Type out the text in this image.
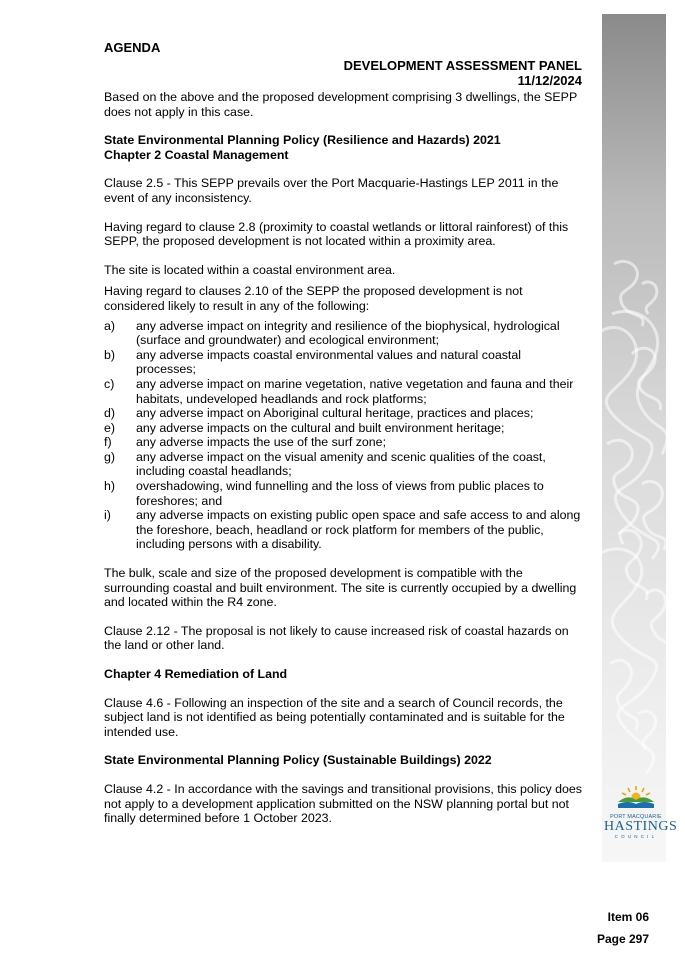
PORT MACQUARIE
HASTINGS
COUNCIL
AGENDA
DEVELOPMENT ASSESSMENT PANEL
11/12/2024

Based on the above and the proposed development comprising 3 dwellings, the SEPP does not apply in this case.

State Environmental Planning Policy (Resilience and Hazards) 2021

Chapter 2 Coastal Management

Clause 2.5 - This SEPP prevails over the Port Macquarie-Hastings LEP 2011 in the event of any inconsistency.

Having regard to clause 2.8 (proximity to coastal wetlands or littoral rainforest) of this SEPP, the proposed development is not located within a proximity area.

The site is located within a coastal environment area.

Having regard to clauses 2.10 of the SEPP the proposed development is not considered likely to result in any of the following:

a) any adverse impact on integrity and resilience of the biophysical, hydrological (surface and groundwater) and ecological environment;
b) any adverse impacts coastal environmental values and natural coastal processes;
c) any adverse impact on marine vegetation, native vegetation and fauna and their habitats, undeveloped headlands and rock platforms;
d) any adverse impact on Aboriginal cultural heritage, practices and places;
e) any adverse impacts on the cultural and built environment heritage;
f) any adverse impacts the use of the surf zone;
g) any adverse impact on the visual amenity and scenic qualities of the coast, including coastal headlands;
h) overshadowing, wind funnelling and the loss of views from public places to foreshores; and
i) any adverse impacts on existing public open space and safe access to and along the foreshore, beach, headland or rock platform for members of the public, including persons with a disability.

The bulk, scale and size of the proposed development is compatible with the surrounding coastal and built environment. The site is currently occupied by a dwelling and located within the R4 zone.

Clause 2.12 - The proposal is not likely to cause increased risk of coastal hazards on the land or other land.

Chapter 4 Remediation of Land

Clause 4.6 - Following an inspection of the site and a search of Council records, the subject land is not identified as being potentially contaminated and is suitable for the intended use.

State Environmental Planning Policy (Sustainable Buildings) 2022

Clause 4.2 - In accordance with the savings and transitional provisions, this policy does not apply to a development application submitted on the NSW planning portal but not finally determined before 1 October 2023.

Item 06
Page 297
